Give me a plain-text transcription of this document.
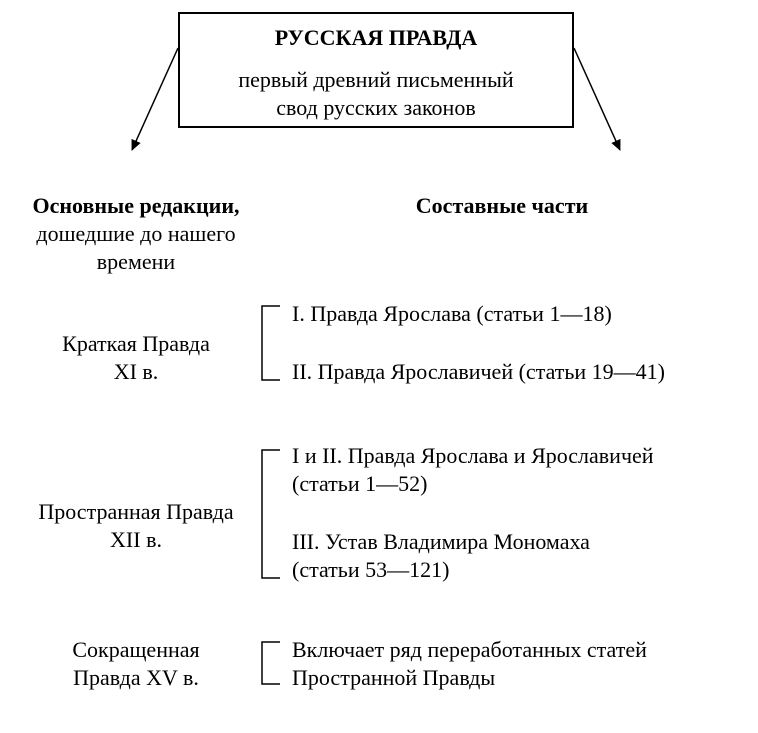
РУССКАЯ ПРАВДА
первый древний письменный
свод русских законов
Основные редакции,
дошедшие до нашего
времени
Составные части
Краткая Правда
XI в.
I. Правда Ярослава (статьи 1—18)
II. Правда Ярославичей (статьи 19—41)
Пространная Правда
XII в.
I и II. Правда Ярослава и Ярославичей
(статьи 1—52)
III. Устав Владимира Мономаха
(статьи 53—121)
Сокращенная
Правда XV в.
Включает ряд переработанных статей
Пространной Правды
